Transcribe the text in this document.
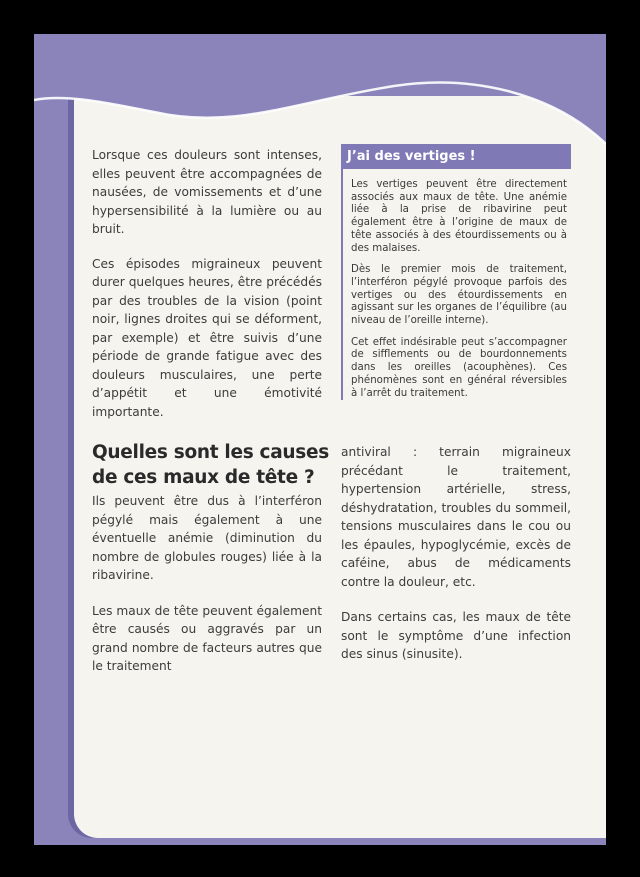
Lorsque ces douleurs sont intenses, elles peuvent être accompagnées de nausées, de vomissements et d’une hypersensibilité à la lumière ou au bruit.

Ces épisodes migraineux peuvent durer quelques heures, être précédés par des troubles de la vision (point noir, lignes droites qui se déforment, par exemple) et être suivis d’une période de grande fatigue avec des douleurs musculaires, une perte d’appétit et une émotivité importante.

J’ai des vertiges !

Les vertiges peuvent être directement associés aux maux de tête. Une anémie liée à la prise de ribavirine peut également être à l’origine de maux de tête associés à des étourdissements ou à des malaises.

Dès le premier mois de traitement, l’interféron pégylé provoque parfois des vertiges ou des étourdissements en agissant sur les organes de l’équilibre (au niveau de l’oreille interne).

Cet effet indésirable peut s’accompagner de sifflements ou de bourdonnements dans les oreilles (acouphènes). Ces phénomènes sont en général réversibles à l’arrêt du traitement.

Quelles sont les causes de ces maux de tête ?

Ils peuvent être dus à l’interféron pégylé mais également à une éventuelle anémie (diminution du nombre de globules rouges) liée à la ribavirine.

Les maux de tête peuvent également être causés ou aggravés par un grand nombre de facteurs autres que le traitement

antiviral : terrain migraineux précédant le traitement, hypertension artérielle, stress, déshydratation, troubles du sommeil, tensions musculaires dans le cou ou les épaules, hypoglycémie, excès de caféine, abus de médicaments contre la douleur, etc.

Dans certains cas, les maux de tête sont le symptôme d’une infection des sinus (sinusite).
